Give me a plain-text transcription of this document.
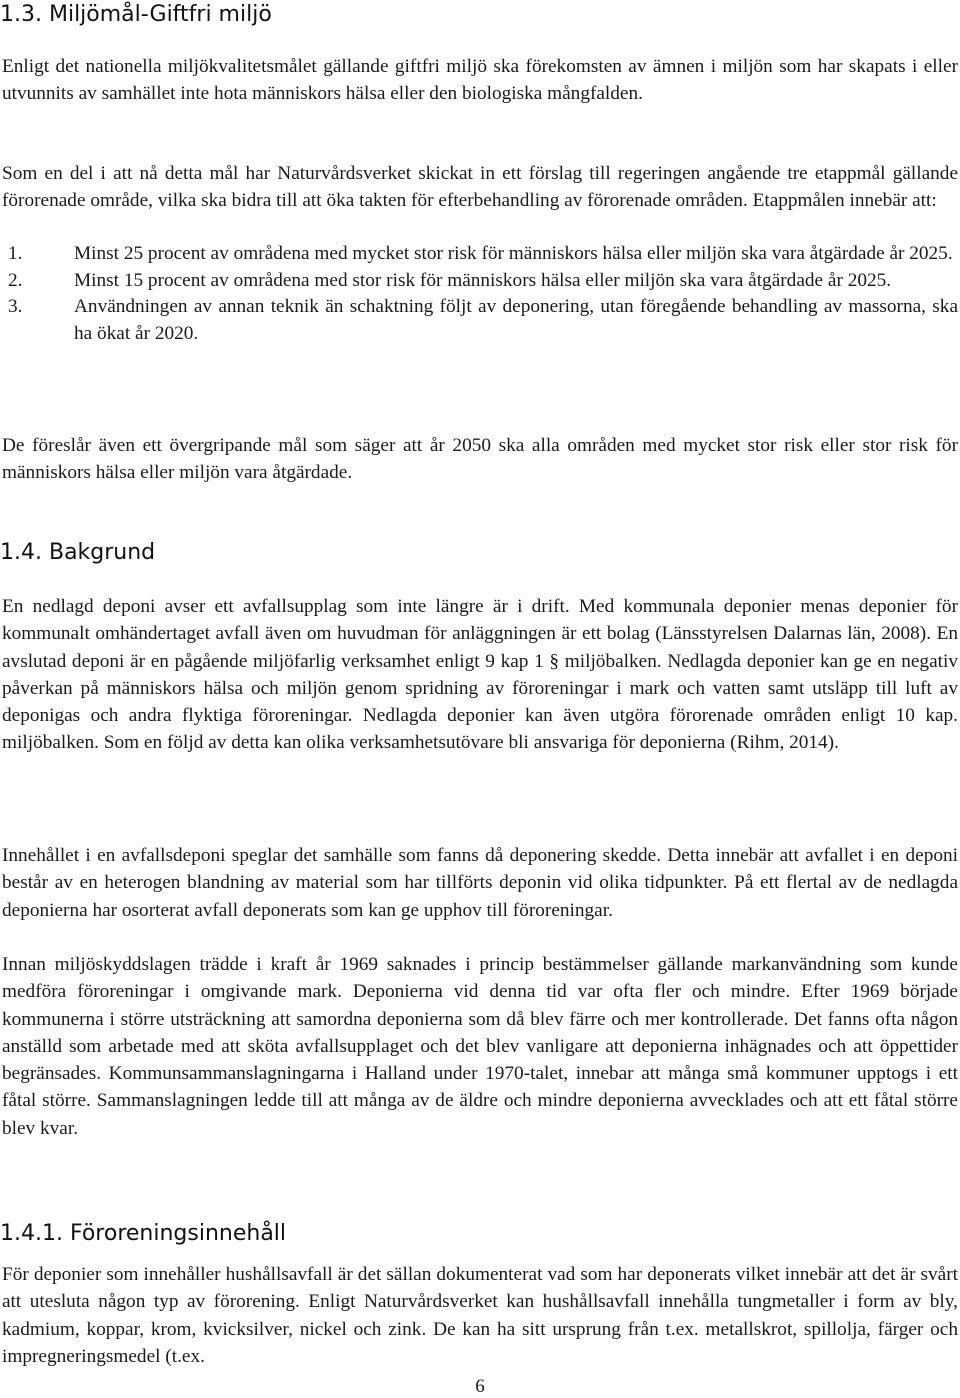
1.3. Miljömål-Giftfri miljö

Enligt det nationella miljökvalitetsmålet gällande giftfri miljö ska förekomsten av ämnen i miljön som har skapats i eller utvunnits av samhället inte hota människors hälsa eller den biologiska mångfalden.

Som en del i att nå detta mål har Naturvårdsverket skickat in ett förslag till regeringen angående tre etappmål gällande förorenade område, vilka ska bidra till att öka takten för efterbehandling av förorenade områden. Etappmålen innebär att:

1.	Minst 25 procent av områdena med mycket stor risk för människors hälsa eller miljön ska vara åtgärdade år 2025.
2.	Minst 15 procent av områdena med stor risk för människors hälsa eller miljön ska vara åtgärdade år 2025.
3.	Användningen av annan teknik än schaktning följt av deponering, utan föregående behandling av massorna, ska ha ökat år 2020.

De föreslår även ett övergripande mål som säger att år 2050 ska alla områden med mycket stor risk eller stor risk för människors hälsa eller miljön vara åtgärdade.

1.4. Bakgrund

En nedlagd deponi avser ett avfallsupplag som inte längre är i drift. Med kommunala deponier menas deponier för kommunalt omhändertaget avfall även om huvudman för anläggningen är ett bolag (Länsstyrelsen Dalarnas län, 2008). En avslutad deponi är en pågående miljöfarlig verksamhet enligt 9 kap 1 § miljöbalken. Nedlagda deponier kan ge en negativ påverkan på människors hälsa och miljön genom spridning av föroreningar i mark och vatten samt utsläpp till luft av deponigas och andra flyktiga föroreningar. Nedlagda deponier kan även utgöra förorenade områden enligt 10 kap. miljöbalken. Som en följd av detta kan olika verksamhetsutövare bli ansvariga för deponierna (Rihm, 2014).

Innehållet i en avfallsdeponi speglar det samhälle som fanns då deponering skedde. Detta innebär att avfallet i en deponi består av en heterogen blandning av material som har tillförts deponin vid olika tidpunkter. På ett flertal av de nedlagda deponierna har osorterat avfall deponerats som kan ge upphov till föroreningar.

Innan miljöskyddslagen trädde i kraft år 1969 saknades i princip bestämmelser gällande markanvändning som kunde medföra föroreningar i omgivande mark. Deponierna vid denna tid var ofta fler och mindre. Efter 1969 började kommunerna i större utsträckning att samordna deponierna som då blev färre och mer kontrollerade. Det fanns ofta någon anställd som arbetade med att sköta avfallsupplaget och det blev vanligare att deponierna inhägnades och att öppettider begränsades. Kommunsammanslagningarna i Halland under 1970-talet, innebar att många små kommuner upptogs i ett fåtal större. Sammanslagningen ledde till att många av de äldre och mindre deponierna avvecklades och att ett fåtal större blev kvar.

1.4.1. Föroreningsinnehåll

För deponier som innehåller hushållsavfall är det sällan dokumenterat vad som har deponerats vilket innebär att det är svårt att utesluta någon typ av förorening. Enligt Naturvårdsverket kan hushållsavfall innehålla tungmetaller i form av bly, kadmium, koppar, krom, kvicksilver, nickel och zink. De kan ha sitt ursprung från t.ex. metallskrot, spillolja, färger och impregneringsmedel (t.ex.

6
